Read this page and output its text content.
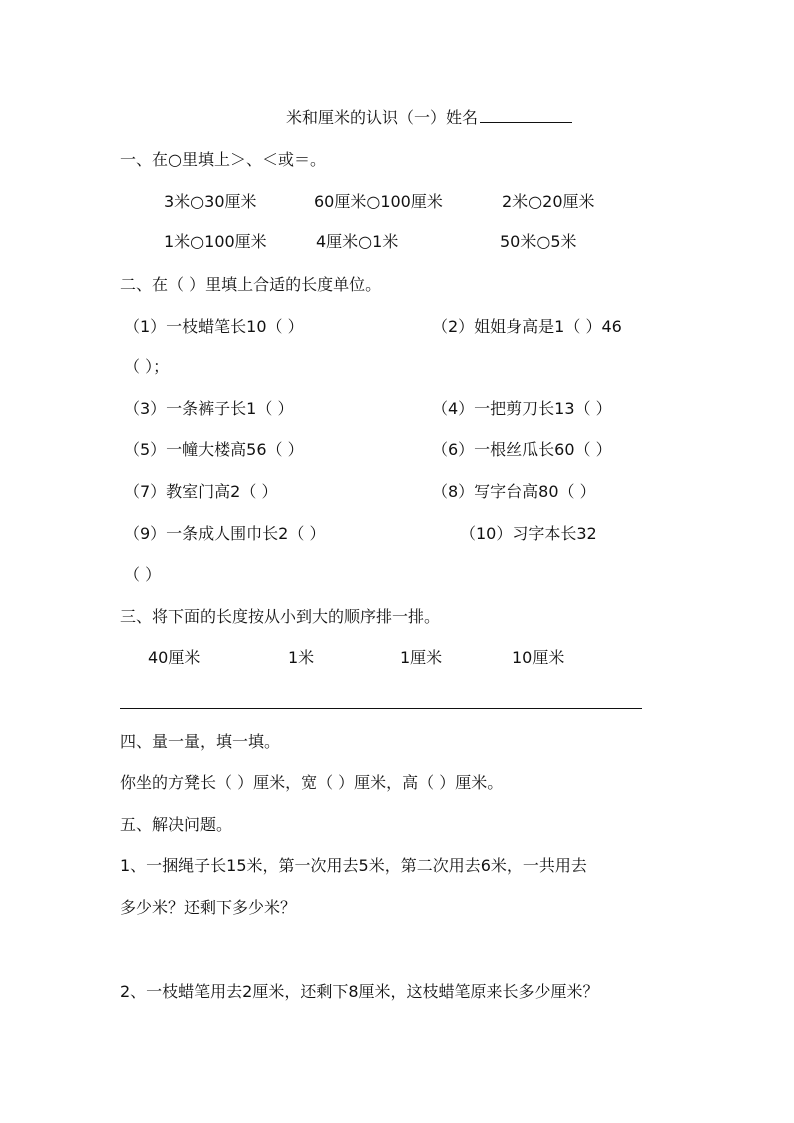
米和厘米的认识（一）姓名
一、在○里填上＞、＜或＝。
3米○30厘米	60厘米○100厘米	2米○20厘米
1米○100厘米	4厘米○1米	50米○5米
二、在（ ）里填上合适的长度单位。
（1）一枝蜡笔长10（ ）	（2）姐姐身高是1（ ）46
（ ）；
（3）一条裤子长1（ ）	（4）一把剪刀长13（ ）
（5）一幢大楼高56（ ）	（6）一根丝瓜长60（ ）
（7）教室门高2（ ）	（8）写字台高80（ ）
（9）一条成人围巾长2（ ）	（10）习字本长32
（ ）
三、将下面的长度按从小到大的顺序排一排。
40厘米	1米	1厘米	10厘米
四、量一量，填一填。
你坐的方凳长（ ）厘米，宽（ ）厘米，高（ ）厘米。
五、解决问题。
1、一捆绳子长15米，第一次用去5米，第二次用去6米，一共用去
多少米？还剩下多少米？
2、一枝蜡笔用去2厘米，还剩下8厘米，这枝蜡笔原来长多少厘米？
